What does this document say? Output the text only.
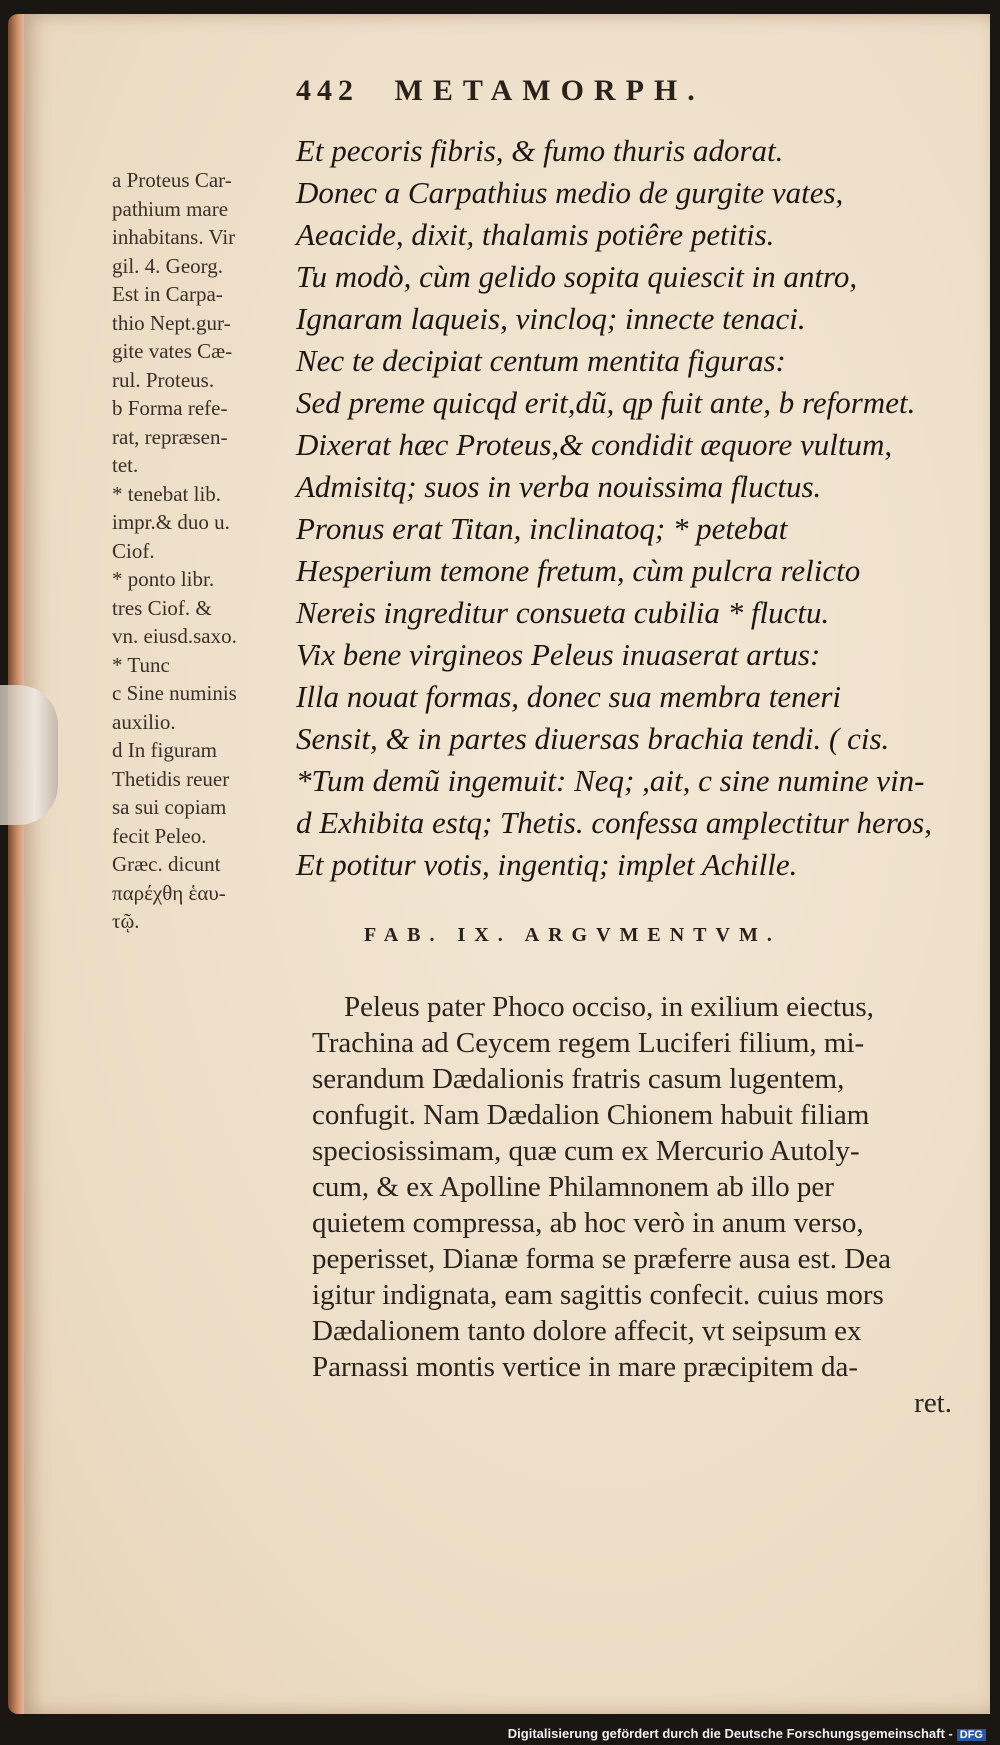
442 METAMORPH.
a Proteus Car-
pathium mare
inhabitans. Vir
gil. 4. Georg.
Est in Carpa-
thio Nept.gur-
gite vates Cæ-
rul. Proteus.
b Forma refe-
rat, repræsen-
tet.
* tenebat lib.
impr.& duo u.
Ciof.
* ponto libr.
tres Ciof. &
vn. eiusd.saxo.
* Tunc
c Sine numinis
auxilio.
d In figuram
Thetidis reuer
sa sui copiam
fecit Peleo.
Græc. dicunt
παρέχθη ἑαυ-
τῷ.
Et pecoris fibris, & fumo thuris adorat.
Donec a Carpathius medio de gurgite vates,
Aeacide, dixit, thalamis potiêre petitis.
Tu modò, cùm gelido sopita quiescit in antro,
Ignaram laqueis, vincloq; innecte tenaci.
Nec te decipiat centum mentita figuras:
Sed preme quicqd erit,dũ, qp fuit ante, b reformet.
Dixerat hæc Proteus,& condidit æquore vultum,
Admisitq; suos in verba nouissima fluctus.
Pronus erat Titan, inclinatoq; * petebat
Hesperium temone fretum, cùm pulcra relicto
Nereis ingreditur consueta cubilia * fluctu.
Vix bene virgineos Peleus inuaserat artus:
Illa nouat formas, donec sua membra teneri
Sensit, & in partes diuersas brachia tendi. ( cis.
*Tum demũ ingemuit: Neq; ,ait, c sine numine vin-
d Exhibita estq; Thetis. confessa amplectitur heros,
Et potitur votis, ingentiq; implet Achille.
FAB. IX. ARGVMENTVM.
Peleus pater Phoco occiso, in exilium eiectus,
Trachina ad Ceycem regem Luciferi filium, mi-
serandum Dædalionis fratris casum lugentem,
confugit. Nam Dædalion Chionem habuit filiam
speciosissimam, quæ cum ex Mercurio Autoly-
cum, & ex Apolline Philamnonem ab illo per
quietem compressa, ab hoc verò in anum verso,
peperisset, Dianæ forma se præferre ausa est. Dea
igitur indignata, eam sagittis confecit. cuius mors
Dædalionem tanto dolore affecit, vt seipsum ex
Parnassi montis vertice in mare præcipitem da-
ret.
Digitalisierung gefördert durch die Deutsche Forschungsgemeinschaft - DFG
